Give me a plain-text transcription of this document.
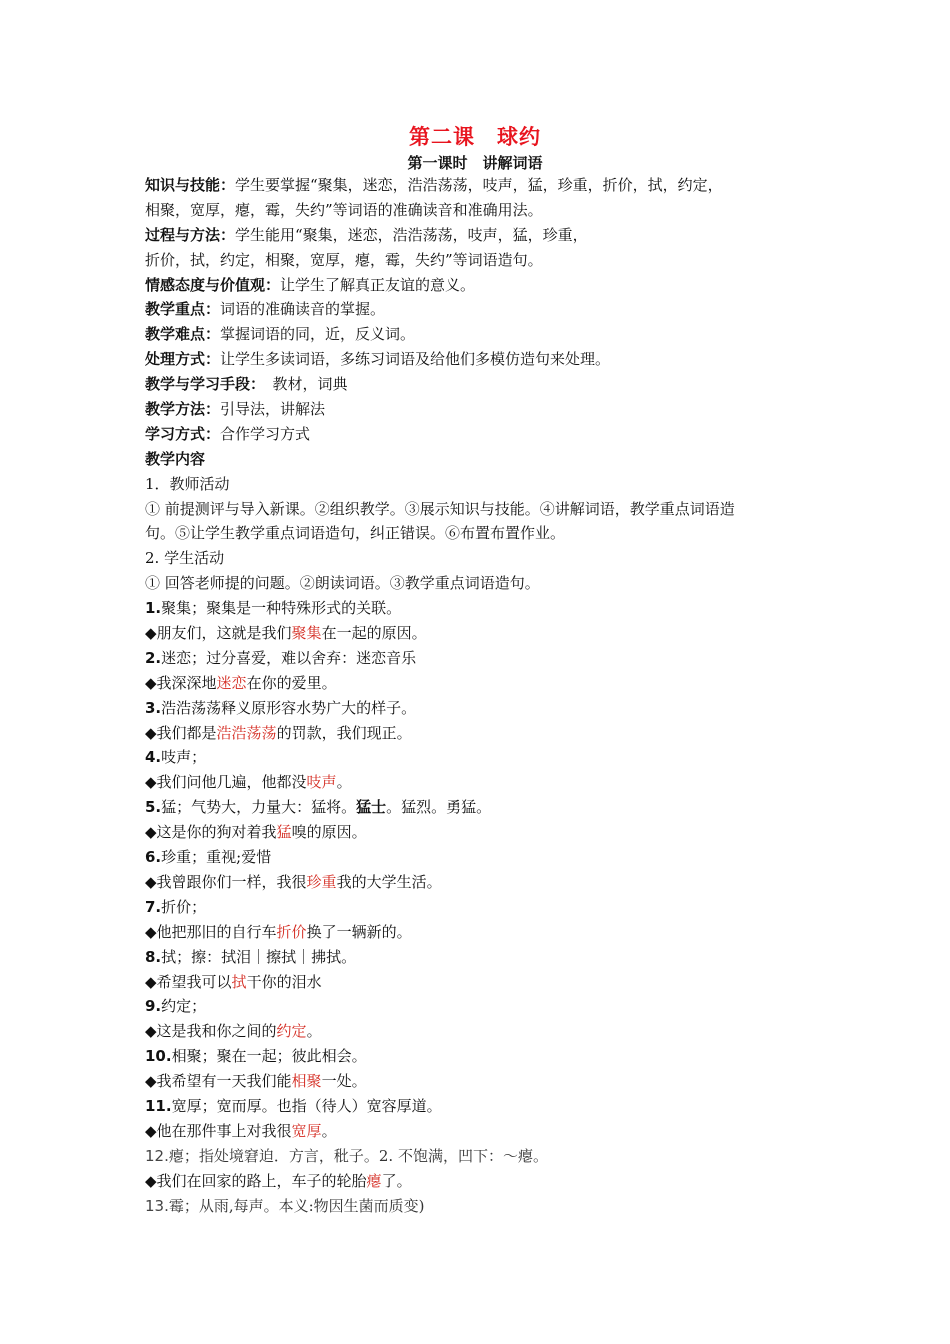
第二课　球约
第一课时　讲解词语
知识与技能：学生要掌握“聚集，迷恋，浩浩荡荡，吱声，猛，珍重，折价，拭，约定，
相聚，宽厚，瘪，霉，失约”等词语的准确读音和准确用法。
过程与方法：学生能用“聚集，迷恋，浩浩荡荡，吱声，猛，珍重，
折价，拭，约定，相聚，宽厚，瘪，霉，失约”等词语造句。
情感态度与价值观：让学生了解真正友谊的意义。
教学重点：词语的准确读音的掌握。
教学难点：掌握词语的同，近，反义词。
处理方式：让学生多读词语，多练习词语及给他们多模仿造句来处理。
教学与学习手段：　教材，词典
教学方法：引导法，讲解法
学习方式：合作学习方式
教学内容
1．教师活动
① 前提测评与导入新课。②组织教学。③展示知识与技能。④讲解词语，教学重点词语造
句。⑤让学生教学重点词语造句，纠正错误。⑥布置布置作业。
2. 学生活动
① 回答老师提的问题。②朗读词语。③教学重点词语造句。
1.聚集；聚集是一种特殊形式的关联。
◆朋友们，这就是我们聚集在一起的原因。
2.迷恋；过分喜爱，难以舍弃：迷恋音乐
◆我深深地迷恋在你的爱里。
3.浩浩荡荡释义原形容水势广大的样子。
◆我们都是浩浩荡荡的罚款，我们现正。
4.吱声；
◆我们问他几遍，他都没吱声。
5.猛；气势大，力量大：猛将。猛士。猛烈。勇猛。
◆这是你的狗对着我猛嗅的原因。
6.珍重；重视;爱惜
◆我曾跟你们一样，我很珍重我的大学生活。
7.折价；
◆他把那旧的自行车折价换了一辆新的。
8.拭；擦：拭泪｜擦拭｜拂拭。
◆希望我可以拭干你的泪水
9.约定；
◆这是我和你之间的约定。
10.相聚；聚在一起；彼此相会。
◆我希望有一天我们能相聚一处。
11.宽厚；宽而厚。也指（待人）宽容厚道。
◆他在那件事上对我很宽厚。
12.瘪；指处境窘迫．方言，秕子。2. 不饱满，凹下：～瘪。
◆我们在回家的路上，车子的轮胎瘪了。
13.霉；从雨,每声。本义:物因生菌而质变)
